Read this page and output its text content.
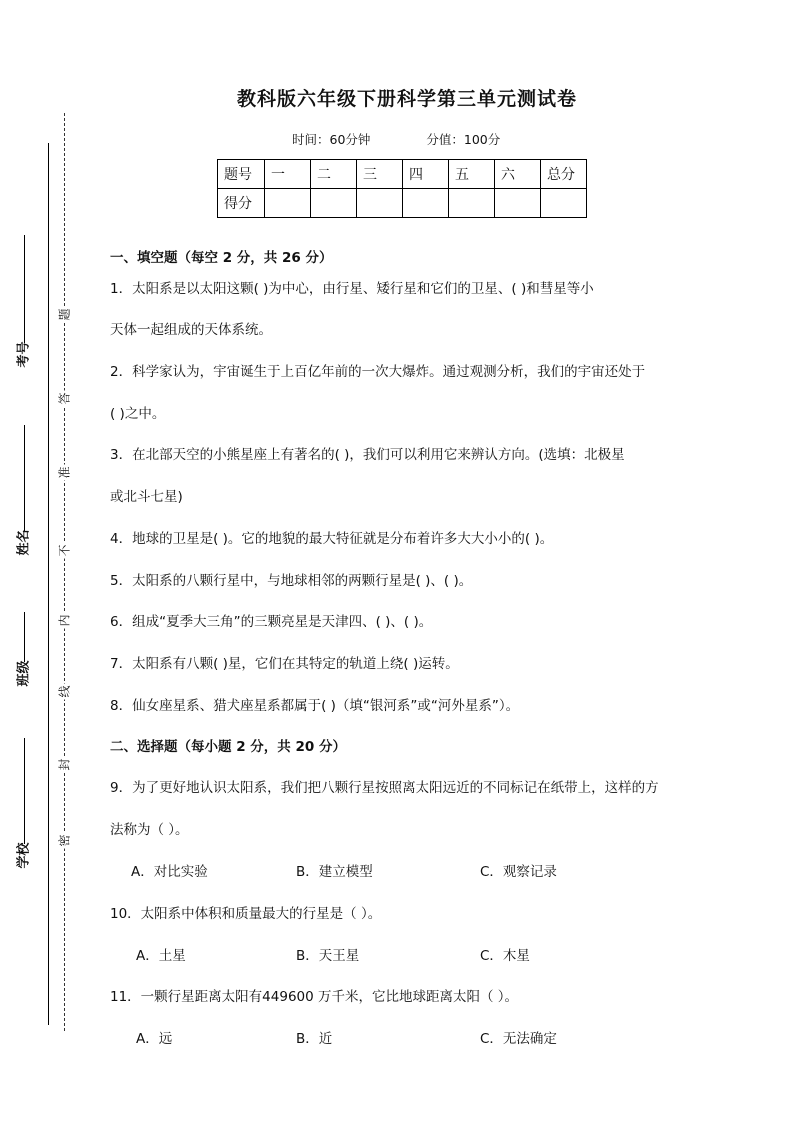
考号
姓名
班级
学校
题
答
准
不
内
线
封
密
教科版六年级下册科学第三单元测试卷
时间：60分钟	分值：100分
题号	一	二	三	四	五	六	总分
得分							
一、填空题（每空 2 分，共 26 分）
1．太阳系是以太阳这颗( )为中心，由行星、矮行星和它们的卫星、( )和彗星等小
天体一起组成的天体系统。
2．科学家认为，宇宙诞生于上百亿年前的一次大爆炸。通过观测分析，我们的宇宙还处于
( )之中。
3．在北部天空的小熊星座上有著名的( )，我们可以利用它来辨认方向。(选填：北极星
或北斗七星)
4．地球的卫星是( )。它的地貌的最大特征就是分布着许多大大小小的( )。
5．太阳系的八颗行星中，与地球相邻的两颗行星是( )、( )。
6．组成“夏季大三角”的三颗亮星是天津四、( )、( )。
7．太阳系有八颗( )星，它们在其特定的轨道上绕( )运转。
8．仙女座星系、猎犬座星系都属于( )（填“银河系”或“河外星系”）。
二、选择题（每小题 2 分，共 20 分）
9．为了更好地认识太阳系，我们把八颗行星按照离太阳远近的不同标记在纸带上，这样的方
法称为（ ）。
A．对比实验	B．建立模型	C．观察记录
10．太阳系中体积和质量最大的行星是（ ）。
A．土星	B．天王星	C．木星
11．一颗行星距离太阳有449600 万千米，它比地球距离太阳（ ）。
A．远	B．近	C．无法确定
